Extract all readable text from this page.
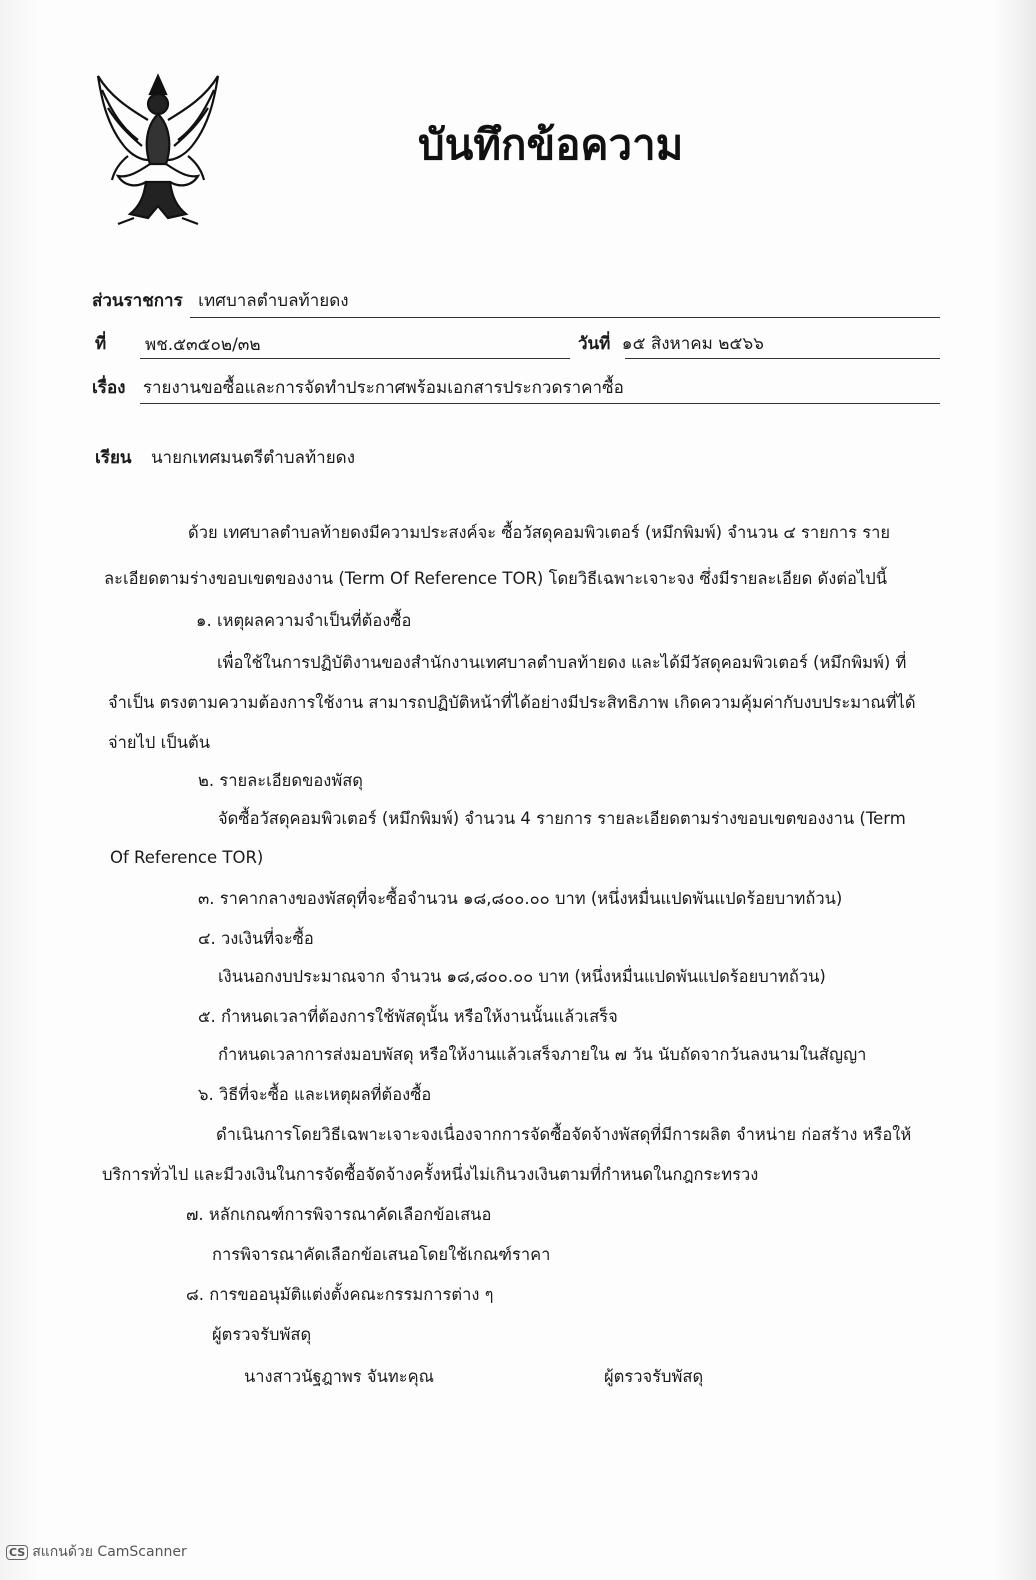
บันทึกข้อความ
ส่วนราชการ เทศบาลตำบลท้ายดง
ที่ พช.๕๓๕๐๒/๓๒	วันที่ ๑๕ สิงหาคม ๒๕๖๖
เรื่อง รายงานขอซื้อและการจัดทำประกาศพร้อมเอกสารประกวดราคาซื้อ
เรียน นายกเทศมนตรีตำบลท้ายดง
ด้วย เทศบาลตำบลท้ายดงมีความประสงค์จะ ซื้อวัสดุคอมพิวเตอร์ (หมึกพิมพ์) จำนวน ๔ รายการ ราย
ละเอียดตามร่างขอบเขตของงาน (Term Of Reference TOR) โดยวิธีเฉพาะเจาะจง ซึ่งมีรายละเอียด ดังต่อไปนี้
๑. เหตุผลความจำเป็นที่ต้องซื้อ
เพื่อใช้ในการปฏิบัติงานของสำนักงานเทศบาลตำบลท้ายดง และได้มีวัสดุคอมพิวเตอร์ (หมึกพิมพ์) ที่
จำเป็น ตรงตามความต้องการใช้งาน สามารถปฏิบัติหน้าที่ได้อย่างมีประสิทธิภาพ เกิดความคุ้มค่ากับงบประมาณที่ได้
จ่ายไป เป็นต้น
๒. รายละเอียดของพัสดุ
จัดซื้อวัสดุคอมพิวเตอร์ (หมึกพิมพ์) จำนวน 4 รายการ รายละเอียดตามร่างขอบเขตของงาน (Term
Of Reference TOR)
๓. ราคากลางของพัสดุที่จะซื้อจำนวน ๑๘,๘๐๐.๐๐ บาท (หนึ่งหมื่นแปดพันแปดร้อยบาทถ้วน)
๔. วงเงินที่จะซื้อ
เงินนอกงบประมาณจาก จำนวน ๑๘,๘๐๐.๐๐ บาท (หนึ่งหมื่นแปดพันแปดร้อยบาทถ้วน)
๕. กำหนดเวลาที่ต้องการใช้พัสดุนั้น หรือให้งานนั้นแล้วเสร็จ
กำหนดเวลาการส่งมอบพัสดุ หรือให้งานแล้วเสร็จภายใน ๗ วัน นับถัดจากวันลงนามในสัญญา
๖. วิธีที่จะซื้อ และเหตุผลที่ต้องซื้อ
ดำเนินการโดยวิธีเฉพาะเจาะจงเนื่องจากการจัดซื้อจัดจ้างพัสดุที่มีการผลิต จำหน่าย ก่อสร้าง หรือให้
บริการทั่วไป และมีวงเงินในการจัดซื้อจัดจ้างครั้งหนึ่งไม่เกินวงเงินตามที่กำหนดในกฎกระทรวง
๗. หลักเกณฑ์การพิจารณาคัดเลือกข้อเสนอ
การพิจารณาคัดเลือกข้อเสนอโดยใช้เกณฑ์ราคา
๘. การขออนุมัติแต่งตั้งคณะกรรมการต่าง ๆ
ผู้ตรวจรับพัสดุ
นางสาวนัฐฎาพร จันทะคุณ	ผู้ตรวจรับพัสดุ
CS สแกนด้วย CamScanner
